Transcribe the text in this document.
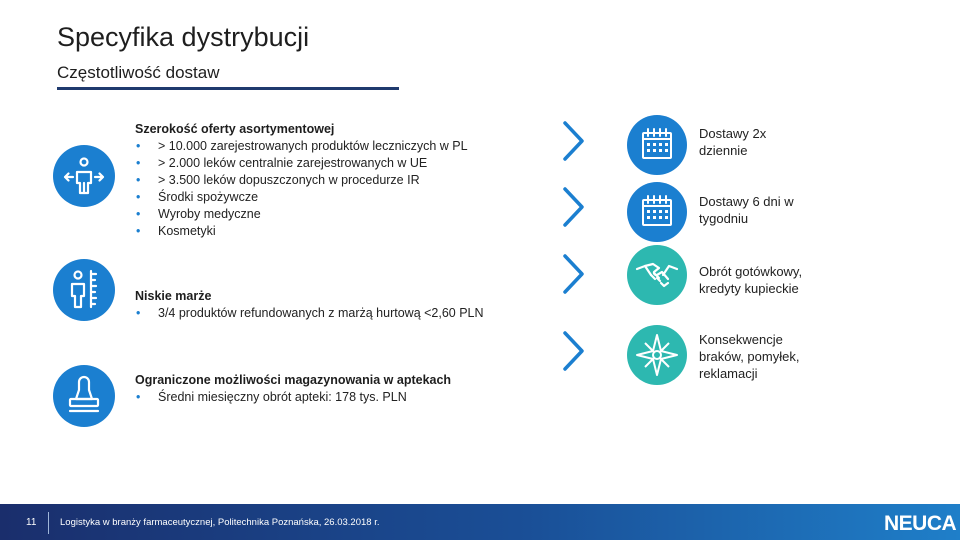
Specyfika dystrybucji
Częstotliwość dostaw
Szerokość oferty asortymentowej
• > 10.000 zarejestrowanych produktów leczniczych w PL
• > 2.000 leków centralnie zarejestrowanych w UE
• > 3.500 leków dopuszczonych w procedurze IR
• Środki spożywcze
• Wyroby medyczne
• Kosmetyki
Niskie marże
• 3/4 produktów refundowanych z marżą hurtową <2,60 PLN
Ograniczone możliwości magazynowania w aptekach
• Średni miesięczny obrót apteki: 178 tys. PLN
Dostawy 2x
dziennie
Dostawy 6 dni w
tygodniu
Obrót gotówkowy,
kredyty kupieckie
Konsekwencje
braków, pomyłek,
reklamacji
11 Logistyka w branży farmaceutycznej, Politechnika Poznańska, 26.03.2018 r.	NEUCA
